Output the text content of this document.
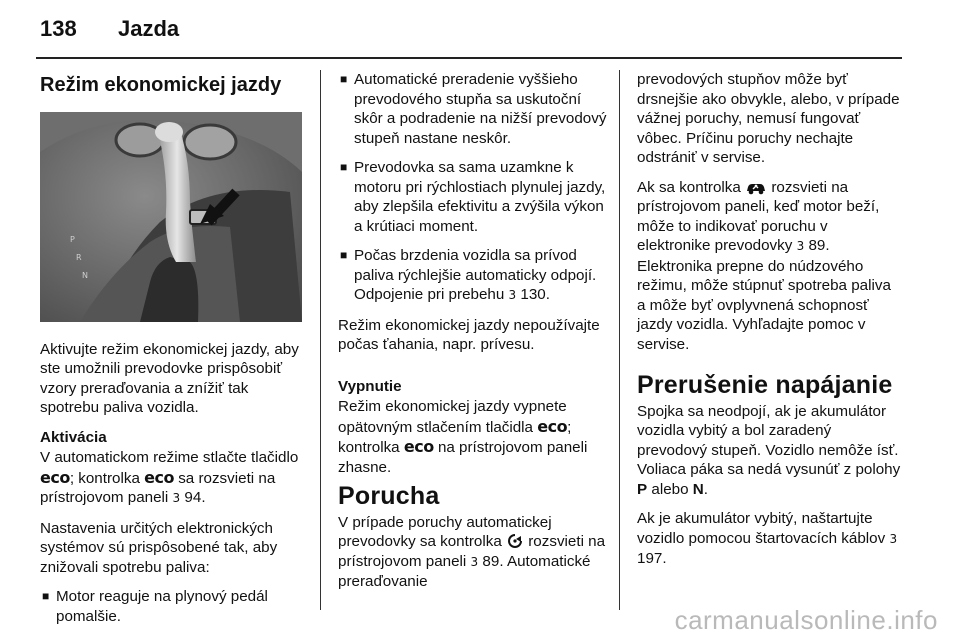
138 Jazda
Režim ekonomickej jazdy
P
R
N

Aktivujte režim ekonomickej jazdy, aby ste umožnili prevodovke prispôsobiť vzory preraďovania a znížiť tak spotrebu paliva vozidla.

Aktivácia

V automatickom režime stlačte tlačidlo eco; kontrolka eco sa rozsvieti na prístrojovom paneli 3 94.

Nastavenia určitých elektronických systémov sú prispôsobené tak, aby znižovali spotrebu paliva:

■ Motor reaguje na plynový pedál pomalšie.
■ Automatické preradenie vyššieho prevodového stupňa sa uskutoční skôr a podradenie na nižší prevodový stupeň nastane neskôr.
■ Prevodovka sa sama uzamkne k motoru pri rýchlostiach plynulej jazdy, aby zlepšila efektivitu a zvýšila výkon a krútiaci moment.
■ Počas brzdenia vozidla sa prívod paliva rýchlejšie automaticky odpojí. Odpojenie pri prebehu 3 130.

Režim ekonomickej jazdy nepoužívajte počas ťahania, napr. prívesu.

Vypnutie

Režim ekonomickej jazdy vypnete opätovným stlačením tlačidla eco; kontrolka eco na prístrojovom paneli zhasne.

Porucha

V prípade poruchy automatickej prevodovky sa kontrolka rozsvieti na prístrojovom paneli 3 89. Automatické preraďovanie

prevodových stupňov môže byť drsnejšie ako obvykle, alebo, v prípade vážnej poruchy, nemusí fungovať vôbec. Príčinu poruchy nechajte odstrániť v servise.

Ak sa kontrolka rozsvieti na prístrojovom paneli, keď motor beží, môže to indikovať poruchu v elektronike prevodovky 3 89. Elektronika prepne do núdzového režimu, môže stúpnuť spotreba paliva a môže byť ovplyvnená schopnosť jazdy vozidla. Vyhľadajte pomoc v servise.

Prerušenie napájanie

Spojka sa neodpojí, ak je akumulátor vozidla vybitý a bol zaradený prevodový stupeň. Vozidlo nemôže ísť. Voliaca páka sa nedá vysunúť z polohy P alebo N.

Ak je akumulátor vybitý, naštartujte vozidlo pomocou štartovacích káblov 3 197.

carmanualsonline.info
